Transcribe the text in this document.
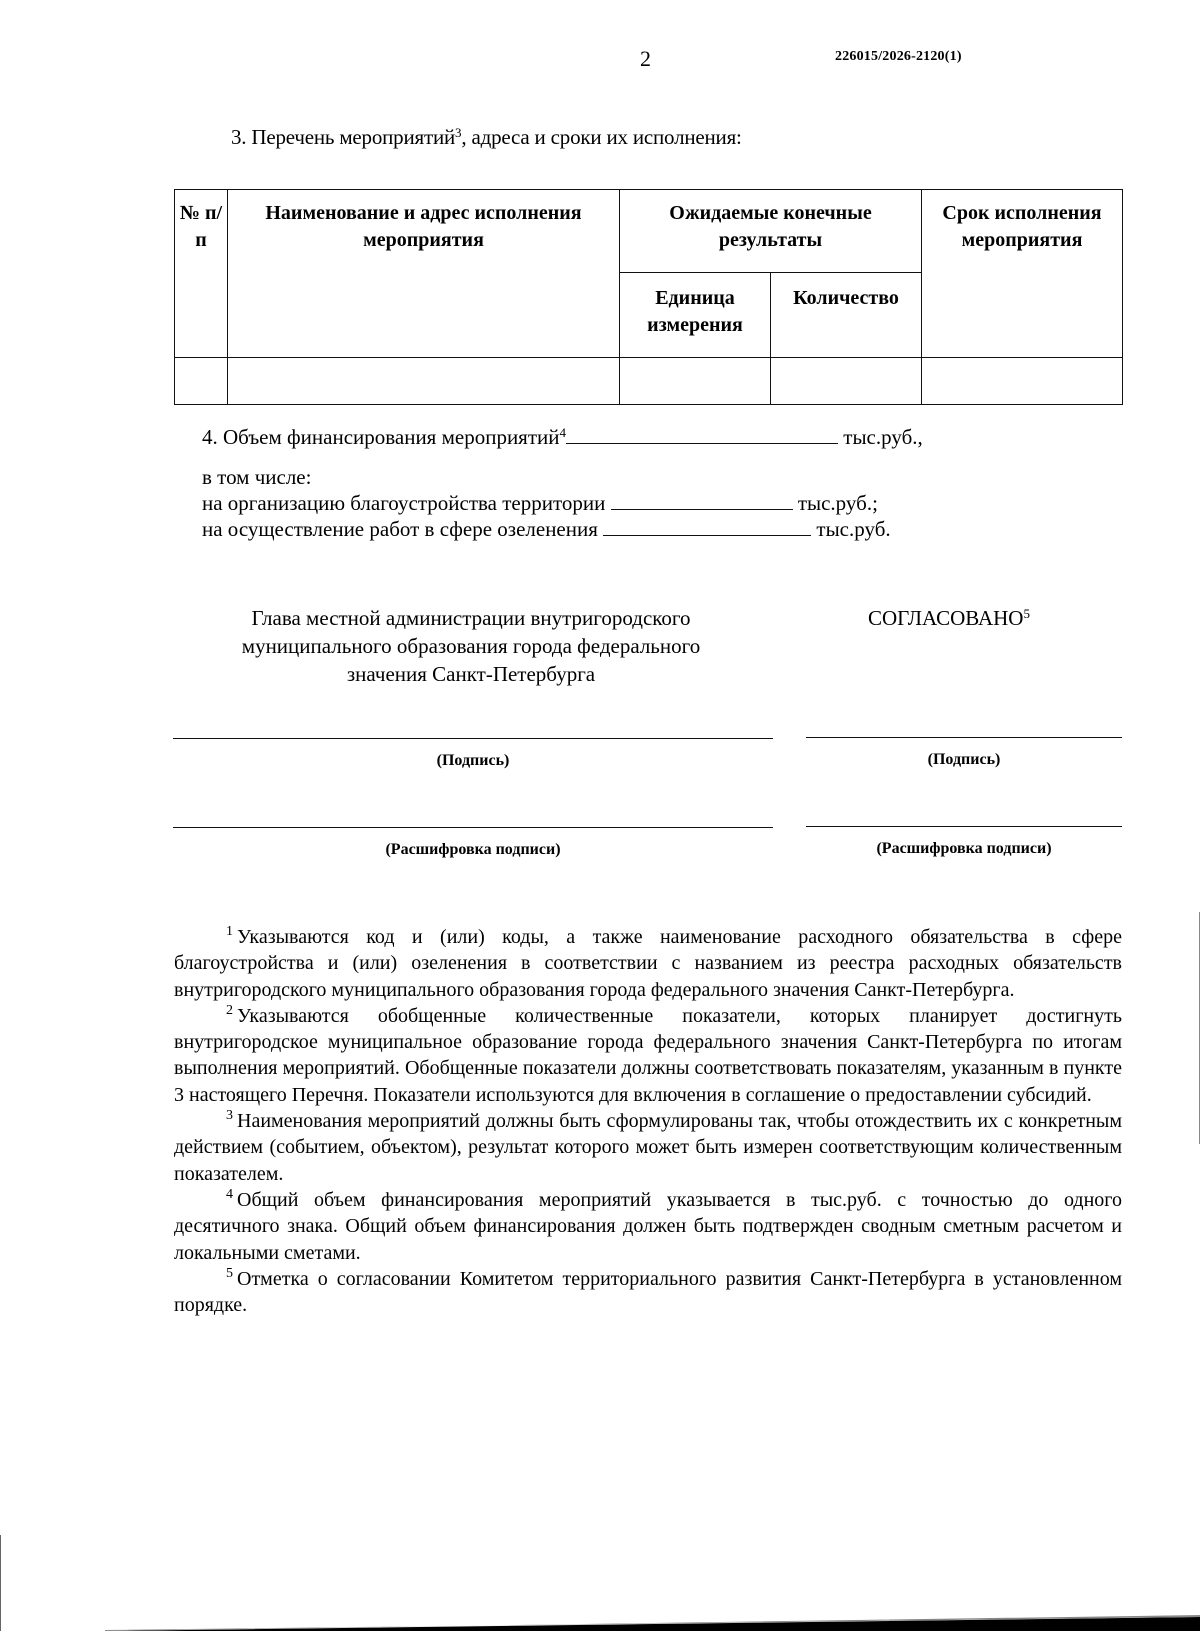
2	226015/2026-2120(1)
3. Перечень мероприятий$^3$, адреса и сроки их исполнения:
№ п/п	Наименование и адрес исполнения мероприятия	Ожидаемые конечные результаты		Срок исполнения мероприятия
		Единица измерения	Количество	

4. Объем финансирования мероприятий$^4$	тыс.руб.,
в том числе:
на организацию благоустройства территории	тыс.руб.;
на осуществление работ в сфере озеленения	тыс.руб.
Глава местной администрации внутригородского
муниципального образования города федерального
значения Санкт-Петербурга
СОГЛАСОВАНО$^5$
(Подпись)	(Подпись)
(Расшифровка подписи)	(Расшифровка подписи)

$^1$ Указываются код и (или) коды, а также наименование расходного обязательства в сфере благоустройства и (или) озеленения в соответствии с названием из реестра расходных обязательств внутригородского муниципального образования города федерального значения Санкт-Петербурга.

$^2$ Указываются обобщенные количественные показатели, которых планирует достигнуть внутригородское муниципальное образование города федерального значения Санкт-Петербурга по итогам выполнения мероприятий. Обобщенные показатели должны соответствовать показателям, указанным в пункте 3 настоящего Перечня. Показатели используются для включения в соглашение о предоставлении субсидий.

$^3$ Наименования мероприятий должны быть сформулированы так, чтобы отождествить их с конкретным действием (событием, объектом), результат которого может быть измерен соответствующим количественным показателем.

$^4$ Общий объем финансирования мероприятий указывается в тыс.руб. с точностью до одного десятичного знака. Общий объем финансирования должен быть подтвержден сводным сметным расчетом и локальными сметами.

$^5$ Отметка о согласовании Комитетом территориального развития Санкт-Петербурга в установленном порядке.
